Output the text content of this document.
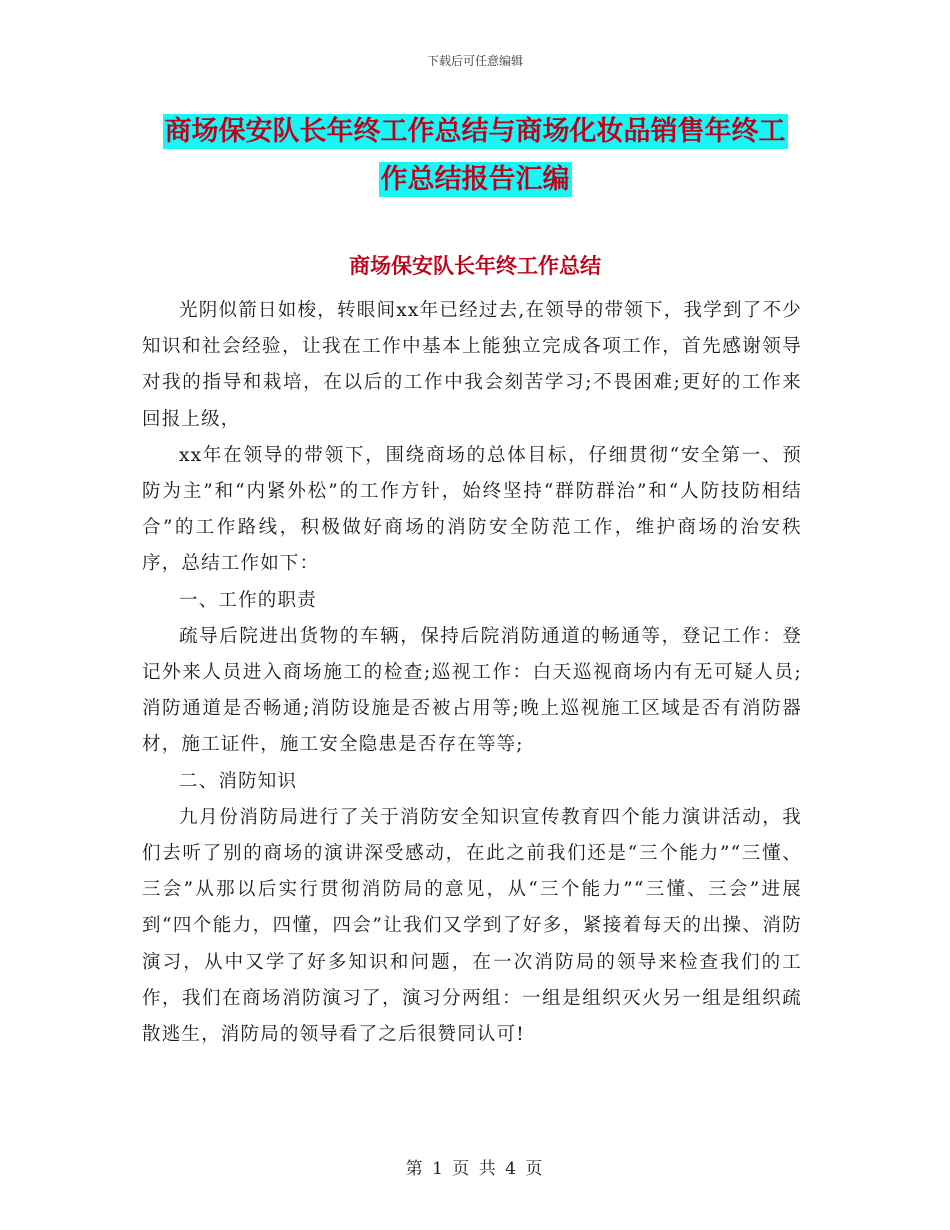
下载后可任意编辑
商场保安队长年终工作总结与商场化妆品销售年终工
作总结报告汇编
商场保安队长年终工作总结

光阴似箭日如梭，转眼间xx年已经过去,在领导的带领下，我学到了不少知识和社会经验，让我在工作中基本上能独立完成各项工作，首先感谢领导对我的指导和栽培，在以后的工作中我会刻苦学习;不畏困难;更好的工作来回报上级，

xx年在领导的带领下，围绕商场的总体目标，仔细贯彻“安全第一、预防为主”和“内紧外松”的工作方针，始终坚持“群防群治”和“人防技防相结合”的工作路线，积极做好商场的消防安全防范工作，维护商场的治安秩序，总结工作如下：

一、工作的职责

疏导后院进出货物的车辆，保持后院消防通道的畅通等，登记工作：登记外来人员进入商场施工的检查;巡视工作：白天巡视商场内有无可疑人员;消防通道是否畅通;消防设施是否被占用等;晚上巡视施工区域是否有消防器材，施工证件，施工安全隐患是否存在等等;

二、消防知识

九月份消防局进行了关于消防安全知识宣传教育四个能力演讲活动，我们去听了别的商场的演讲深受感动，在此之前我们还是“三个能力”“三懂、三会”从那以后实行贯彻消防局的意见，从“三个能力”“三懂、三会”进展到“四个能力，四懂，四会”让我们又学到了好多，紧接着每天的出操、消防演习，从中又学了好多知识和问题，在一次消防局的领导来检查我们的工作，我们在商场消防演习了，演习分两组：一组是组织灭火另一组是组织疏散逃生，消防局的领导看了之后很赞同认可!

第 1 页 共 4 页
